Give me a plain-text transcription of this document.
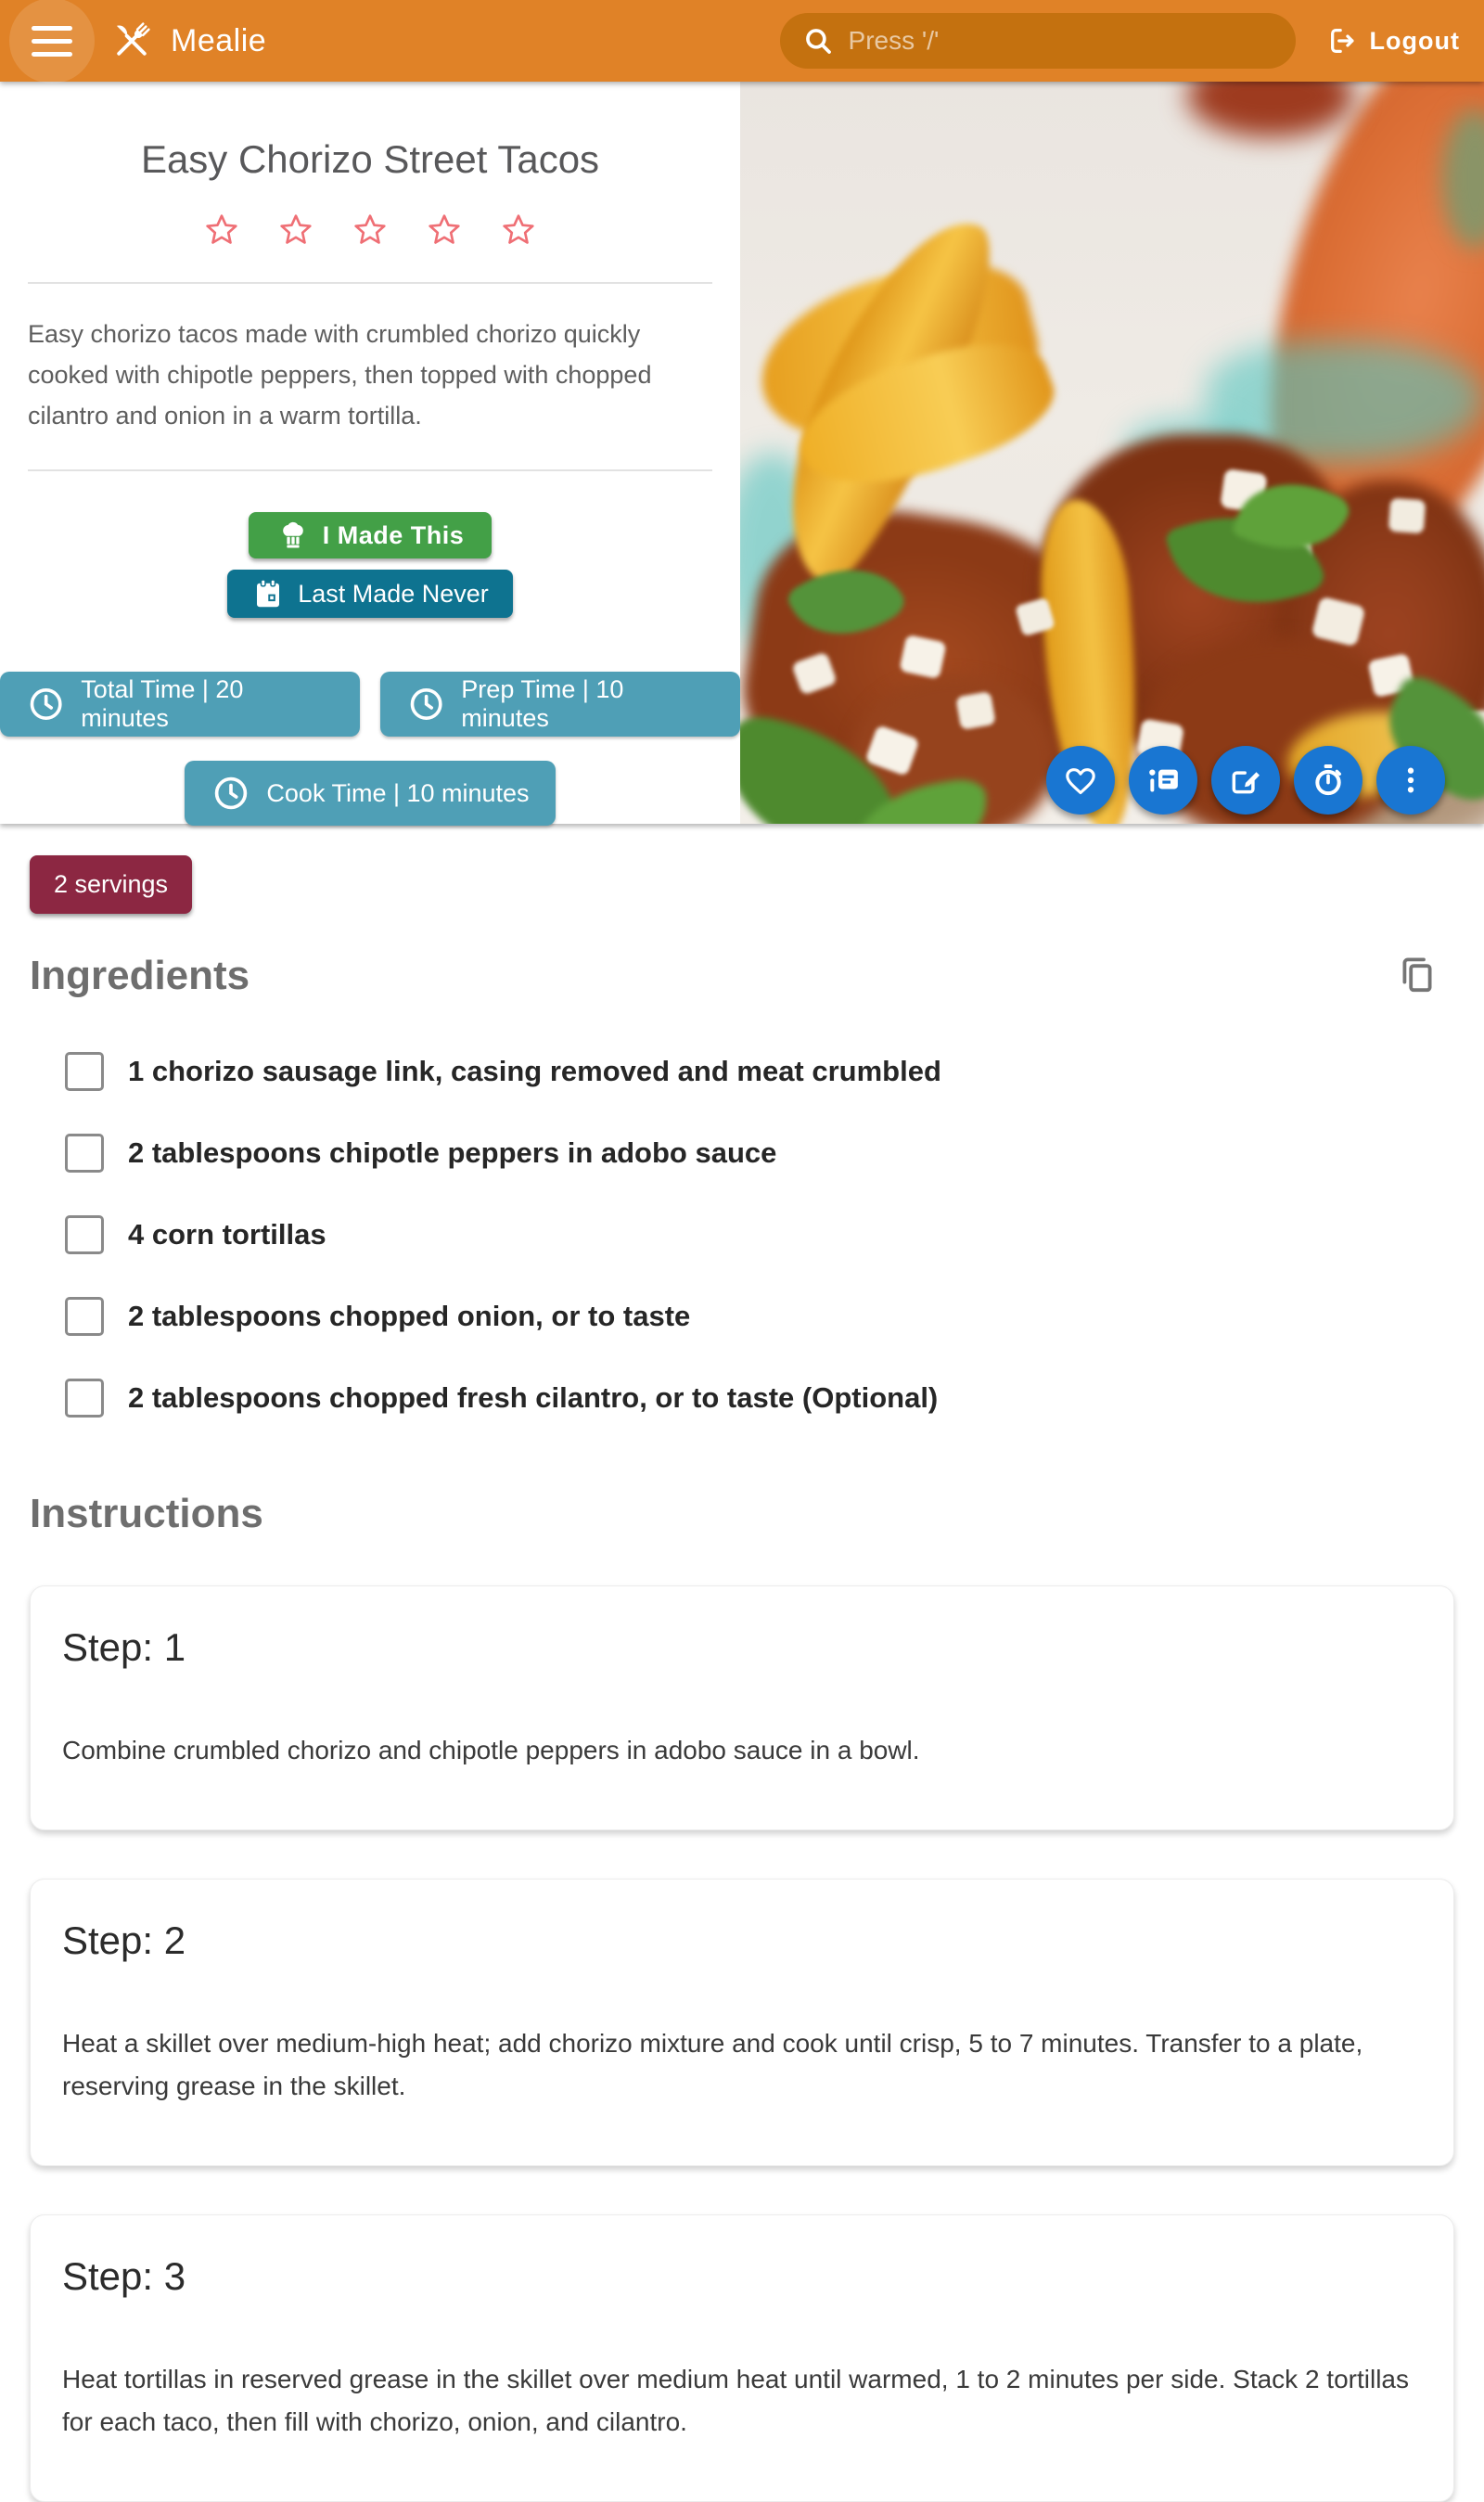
Mealie	Press '/'	Logout
Easy Chorizo Street Tacos
Easy chorizo tacos made with crumbled chorizo quickly cooked with chipotle peppers, then topped with chopped cilantro and onion in a warm tortilla.
I Made This
Last Made Never
Total Time | 20 minutes
Prep Time | 10 minutes
Cook Time | 10 minutes
2 servings
Ingredients
1 chorizo sausage link, casing removed and meat crumbled
2 tablespoons chipotle peppers in adobo sauce
4 corn tortillas
2 tablespoons chopped onion, or to taste
2 tablespoons chopped fresh cilantro, or to taste (Optional)
Instructions
Step: 1
Combine crumbled chorizo and chipotle peppers in adobo sauce in a bowl.
Step: 2
Heat a skillet over medium-high heat; add chorizo mixture and cook until crisp, 5 to 7 minutes. Transfer to a plate, reserving grease in the skillet.
Step: 3
Heat tortillas in reserved grease in the skillet over medium heat until warmed, 1 to 2 minutes per side. Stack 2 tortillas for each taco, then fill with chorizo, onion, and cilantro.
